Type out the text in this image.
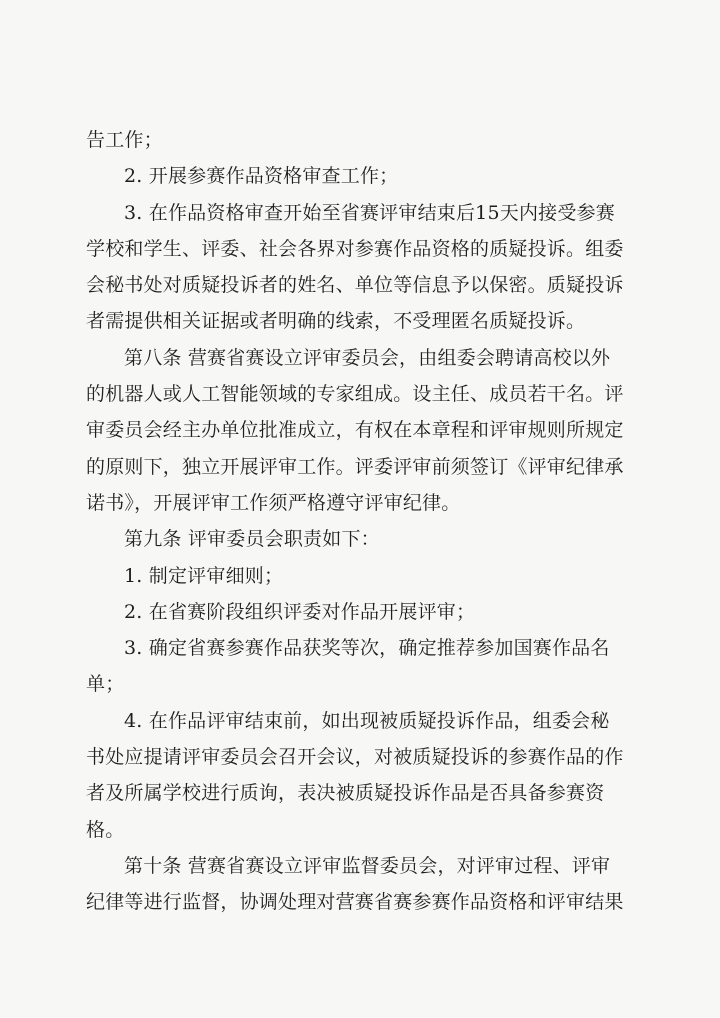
告工作；
2. 开展参赛作品资格审查工作；
3. 在作品资格审查开始至省赛评审结束后15天内接受参赛
学校和学生、评委、社会各界对参赛作品资格的质疑投诉。组委
会秘书处对质疑投诉者的姓名、单位等信息予以保密。质疑投诉
者需提供相关证据或者明确的线索，不受理匿名质疑投诉。
第八条 营赛省赛设立评审委员会，由组委会聘请高校以外
的机器人或人工智能领域的专家组成。设主任、成员若干名。评
审委员会经主办单位批准成立，有权在本章程和评审规则所规定
的原则下，独立开展评审工作。评委评审前须签订《评审纪律承
诺书》，开展评审工作须严格遵守评审纪律。
第九条 评审委员会职责如下：
1. 制定评审细则；
2. 在省赛阶段组织评委对作品开展评审；
3. 确定省赛参赛作品获奖等次，确定推荐参加国赛作品名
单；
4. 在作品评审结束前，如出现被质疑投诉作品，组委会秘
书处应提请评审委员会召开会议，对被质疑投诉的参赛作品的作
者及所属学校进行质询，表决被质疑投诉作品是否具备参赛资
格。
第十条 营赛省赛设立评审监督委员会，对评审过程、评审
纪律等进行监督，协调处理对营赛省赛参赛作品资格和评审结果
